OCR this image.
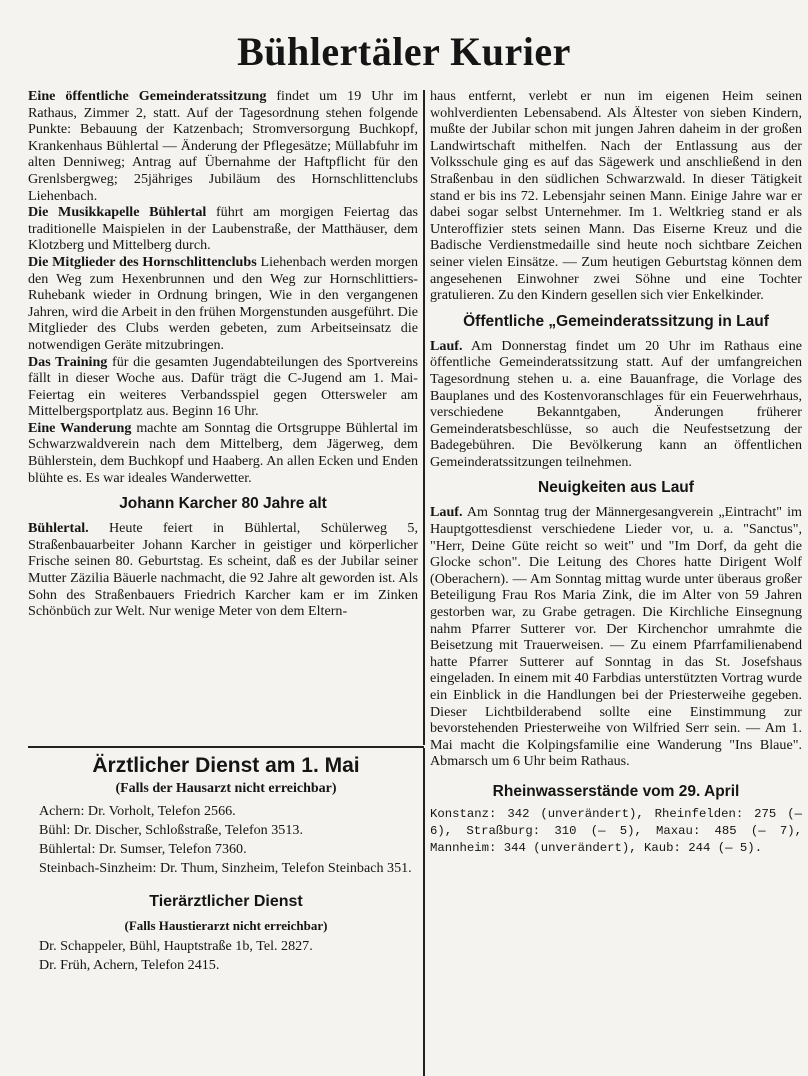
Bühlertäler Kurier

Eine öffentliche Gemeinderatssitzung findet um 19 Uhr im Rathaus, Zimmer 2, statt. Auf der Tagesordnung stehen folgende Punkte: Bebauung der Katzenbach; Stromversorgung Buchkopf, Krankenhaus Bühlertal — Änderung der Pflegesätze; Müllabfuhr im alten Denniweg; Antrag auf Übernahme der Haftpflicht für den Grenlsbergweg; 25jähriges Jubiläum des Hornschlittenclubs Liehenbach.

Die Musikkapelle Bühlertal führt am morgigen Feiertag das traditionelle Maispielen in der Laubenstraße, der Matthäuser, dem Klotzberg und Mittelberg durch.

Die Mitglieder des Hornschlittenclubs Liehenbach werden morgen den Weg zum Hexenbrunnen und den Weg zur Hornschlittiers-Ruhebank wieder in Ordnung bringen, Wie in den vergangenen Jahren, wird die Arbeit in den frühen Morgenstunden ausgeführt. Die Mitglieder des Clubs werden gebeten, zum Arbeitseinsatz die notwendigen Geräte mitzubringen.

Das Training für die gesamten Jugendabteilungen des Sportvereins fällt in dieser Woche aus. Dafür trägt die C-Jugend am 1. Mai-Feiertag ein weiteres Verbandsspiel gegen Ottersweler am Mittelbergsportplatz aus. Beginn 16 Uhr.

Eine Wanderung machte am Sonntag die Ortsgruppe Bühlertal im Schwarzwaldverein nach dem Mittelberg, dem Jägerweg, dem Bühlerstein, dem Buchkopf und Haaberg. An allen Ecken und Enden blühte es. Es war ideales Wanderwetter.

Johann Karcher 80 Jahre alt

Bühlertal. Heute feiert in Bühlertal, Schülerweg 5, Straßenbauarbeiter Johann Karcher in geistiger und körperlicher Frische seinen 80. Geburtstag. Es scheint, daß es der Jubilar seiner Mutter Zäzilia Bäuerle nachmacht, die 92 Jahre alt geworden ist. Als Sohn des Straßenbauers Friedrich Karcher kam er im Zinken Schönbüch zur Welt. Nur wenige Meter von dem Eltern-

haus entfernt, verlebt er nun im eigenen Heim seinen wohlverdienten Lebensabend. Als Ältester von sieben Kindern, mußte der Jubilar schon mit jungen Jahren daheim in der großen Landwirtschaft mithelfen. Nach der Entlassung aus der Volksschule ging es auf das Sägewerk und anschließend in den Straßenbau in den südlichen Schwarzwald. In dieser Tätigkeit stand er bis ins 72. Lebensjahr seinen Mann. Einige Jahre war er dabei sogar selbst Unternehmer. Im 1. Weltkrieg stand er als Unteroffizier stets seinen Mann. Das Eiserne Kreuz und die Badische Verdienstmedaille sind heute noch sichtbare Zeichen seiner vielen Einsätze. — Zum heutigen Geburtstag können dem angesehenen Einwohner zwei Söhne und eine Tochter gratulieren. Zu den Kindern gesellen sich vier Enkelkinder.

Öffentliche „Gemeinderatssitzung in Lauf

Lauf. Am Donnerstag findet um 20 Uhr im Rathaus eine öffentliche Gemeinderatssitzung statt. Auf der umfangreichen Tagesordnung stehen u. a. eine Bauanfrage, die Vorlage des Bauplanes und des Kostenvoranschlages für ein Feuerwehrhaus, verschiedene Bekanntgaben, Änderungen früherer Gemeinderatsbeschlüsse, so auch die Neufestsetzung der Badegebühren. Die Bevölkerung kann an öffentlichen Gemeinderatssitzungen teilnehmen.

Neuigkeiten aus Lauf

Lauf. Am Sonntag trug der Männergesangverein „Eintracht" im Hauptgottesdienst verschiedene Lieder vor, u. a. "Sanctus", "Herr, Deine Güte reicht so weit" und "Im Dorf, da geht die Glocke schon". Die Leitung des Chores hatte Dirigent Wolf (Oberachern). — Am Sonntag mittag wurde unter überaus großer Beteiligung Frau Ros Maria Zink, die im Alter von 59 Jahren gestorben war, zu Grabe getragen. Die Kirchliche Einsegnung nahm Pfarrer Sutterer vor. Der Kirchenchor umrahmte die Beisetzung mit Trauerweisen. — Zu einem Pfarrfamilienabend hatte Pfarrer Sutterer auf Sonntag in das St. Josefshaus eingeladen. In einem mit 40 Farbdias unterstützten Vortrag wurde ein Einblick in die Handlungen bei der Priesterweihe gegeben. Dieser Lichtbilderabend sollte eine Einstimmung zur bevorstehenden Priesterweihe von Wilfried Serr sein. — Am 1. Mai macht die Kolpingsfamilie eine Wanderung "Ins Blaue". Abmarsch um 6 Uhr beim Rathaus.

Rheinwasserstände vom 29. April

Konstanz: 342 (unverändert), Rheinfelden: 275 (— 6), Straßburg: 310 (— 5), Maxau: 485 (— 7), Mannheim: 344 (unverändert), Kaub: 244 (— 5).

Ärztlicher Dienst am 1. Mai
(Falls der Hausarzt nicht erreichbar)

Achern: Dr. Vorholt, Telefon 2566.

Bühl: Dr. Discher, Schloßstraße, Telefon 3513.

Bühlertal: Dr. Sumser, Telefon 7360.

Steinbach-Sinzheim: Dr. Thum, Sinzheim, Telefon Steinbach 351.

Tierärztlicher Dienst
(Falls Haustierarzt nicht erreichbar)

Dr. Schappeler, Bühl, Hauptstraße 1b, Tel. 2827.

Dr. Früh, Achern, Telefon 2415.
